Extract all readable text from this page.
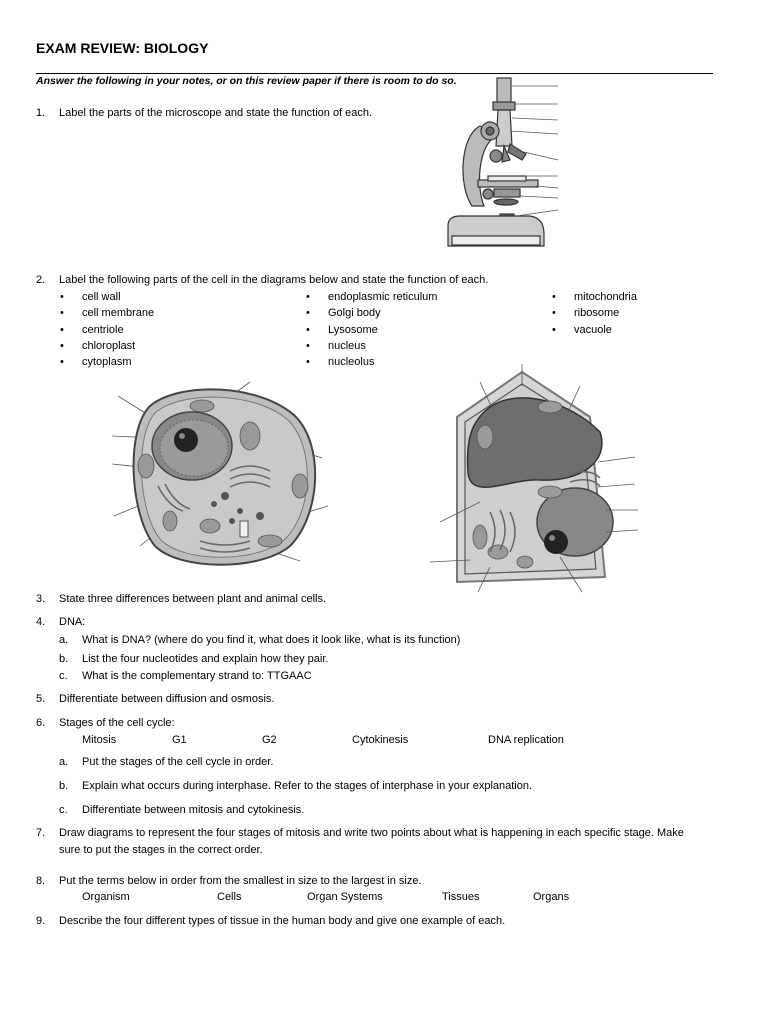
EXAM REVIEW: BIOLOGY
Answer the following in your notes, or on this review paper if there is room to do so.
1. Label the parts of the microscope and state the function of each.
2. Label the following parts of the cell in the diagrams below and state the function of each.
• cell wall
• cell membrane
• centriole
• chloroplast
• cytoplasm
• endoplasmic reticulum
• Golgi body
• Lysosome
• nucleus
• nucleolus
• mitochondria
• ribosome
• vacuole
3. State three differences between plant and animal cells.
4. DNA:
a. What is DNA? (where do you find it, what does it look like, what is its function)
b. List the four nucleotides and explain how they pair.
c. What is the complementary strand to: TTGAAC
5. Differentiate between diffusion and osmosis.
6. Stages of the cell cycle:
Mitosis	G1	G2	Cytokinesis	DNA replication
a. Put the stages of the cell cycle in order.
b. Explain what occurs during interphase. Refer to the stages of interphase in your explanation.
c. Differentiate between mitosis and cytokinesis.
7. Draw diagrams to represent the four stages of mitosis and write two points about what is happening in each specific stage. Make
sure to put the stages in the correct order.
8. Put the terms below in order from the smallest in size to the largest in size.
Organism	Cells	Organ Systems	Tissues	Organs
9. Describe the four different types of tissue in the human body and give one example of each.
